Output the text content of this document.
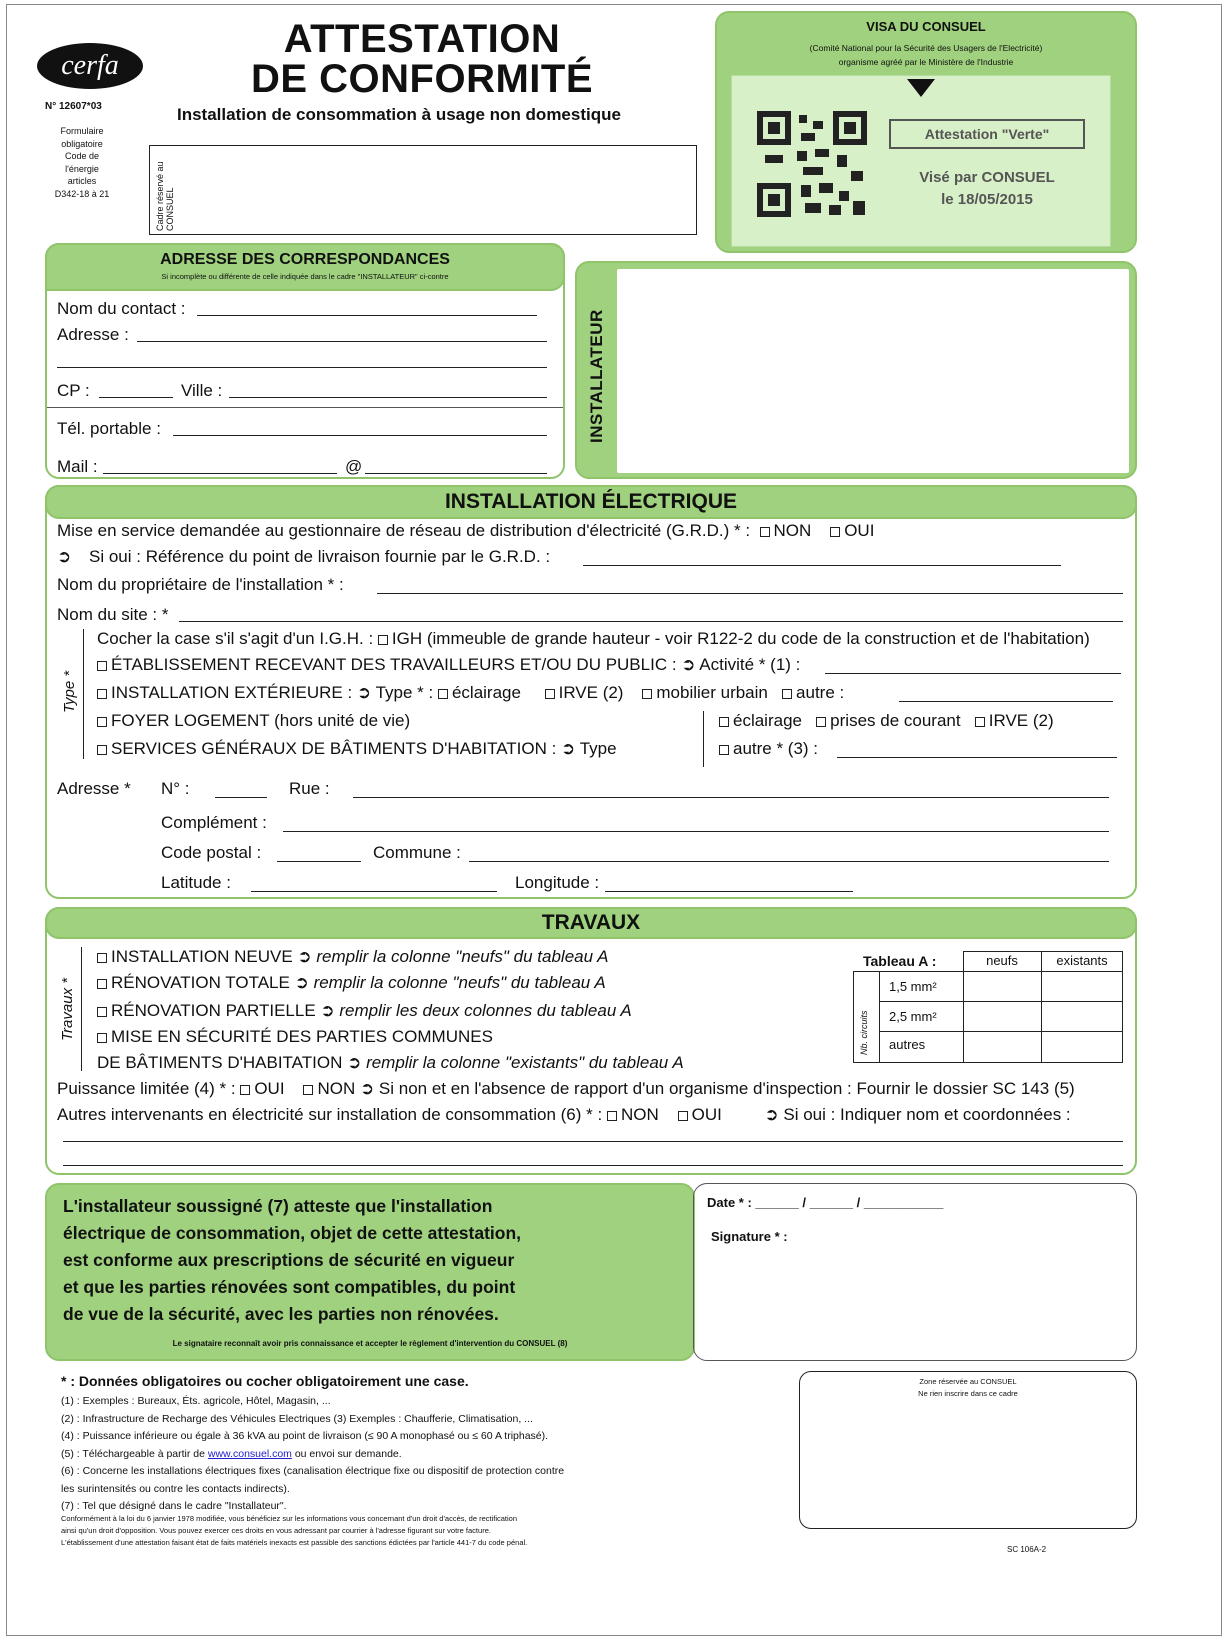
cerfa
N° 12607*03
Formulaire
obligatoire
Code de
l'énergie
articles
D342-18 à 21
ATTESTATION
DE CONFORMITÉ
Installation de consommation à usage non domestique
Cadre réservé au CONSUEL
VISA DU CONSUEL
(Comité National pour la Sécurité des Usagers de l'Electricité)
organisme agréé par le Ministère de l'Industrie
Attestation "Verte"
Visé par CONSUEL
le 18/05/2015
ADRESSE DES CORRESPONDANCES
Si incomplète ou différente de celle indiquée dans le cadre "INSTALLATEUR" ci-contre
Nom du contact :
Adresse :
CP :	Ville :
Tél. portable :
Mail :	@
INSTALLATEUR
INSTALLATION ÉLECTRIQUE
Mise en service demandée au gestionnaire de réseau de distribution d'électricité (G.R.D.) * : NON OUI
➲ Si oui : Référence du point de livraison fournie par le G.R.D. :
Nom du propriétaire de l'installation * :
Nom du site : *
Type *
Cocher la case s'il s'agit d'un I.G.H. : IGH (immeuble de grande hauteur - voir R122-2 du code de la construction et de l'habitation)
ÉTABLISSEMENT RECEVANT DES TRAVAILLEURS ET/OU DU PUBLIC : ➲ Activité * (1) :
INSTALLATION EXTÉRIEURE : ➲ Type * : éclairage IRVE (2) mobilier urbain autre :
FOYER LOGEMENT (hors unité de vie)
SERVICES GÉNÉRAUX DE BÂTIMENTS D'HABITATION : ➲ Type
éclairage prises de courant IRVE (2)
autre * (3) :
Adresse * N° :	Rue :
Complément :
Code postal :	Commune :
Latitude :	Longitude :
TRAVAUX
Travaux *
INSTALLATION NEUVE ➲ remplir la colonne "neufs" du tableau A
RÉNOVATION TOTALE ➲ remplir la colonne "neufs" du tableau A
RÉNOVATION PARTIELLE ➲ remplir les deux colonnes du tableau A
MISE EN SÉCURITÉ DES PARTIES COMMUNES
DE BÂTIMENTS D'HABITATION ➲ remplir la colonne "existants" du tableau A
Tableau A :	neufs	existants
Nb. circuits
1,5 mm²
2,5 mm²
autres
Puissance limitée (4) * : OUI NON ➲ Si non et en l'absence de rapport d'un organisme d'inspection : Fournir le dossier SC 143 (5)
Autres intervenants en électricité sur installation de consommation (6) * : NON OUI	➲ Si oui : Indiquer nom et coordonnées :
L'installateur soussigné (7) atteste que l'installation
électrique de consommation, objet de cette attestation,
est conforme aux prescriptions de sécurité en vigueur
et que les parties rénovées sont compatibles, du point
de vue de la sécurité, avec les parties non rénovées.
Le signataire reconnaît avoir pris connaissance et accepter le règlement d'intervention du CONSUEL (8)
Date * : ______ / ______ / ___________
Signature * :
* : Données obligatoires ou cocher obligatoirement une case.
(1) : Exemples : Bureaux, Éts. agricole, Hôtel, Magasin, ...
(2) : Infrastructure de Recharge des Véhicules Electriques (3) Exemples : Chaufferie, Climatisation, ...
(4) : Puissance inférieure ou égale à 36 kVA au point de livraison (≤ 90 A monophasé ou ≤ 60 A triphasé).
(5) : Téléchargeable à partir de www.consuel.com ou envoi sur demande.
(6) : Concerne les installations électriques fixes (canalisation électrique fixe ou dispositif de protection contre
les surintensités ou contre les contacts indirects).
(7) : Tel que désigné dans le cadre "Installateur".
Conformément à la loi du 6 janvier 1978 modifiée, vous bénéficiez sur les informations vous concernant d'un droit d'accès, de rectification
ainsi qu'un droit d'opposition. Vous pouvez exercer ces droits en vous adressant par courrier à l'adresse figurant sur votre facture.
L'établissement d'une attestation faisant état de faits matériels inexacts est passible des sanctions édictées par l'article 441-7 du code pénal.
Zone réservée au CONSUEL
Ne rien inscrire dans ce cadre
SC 106A-2
